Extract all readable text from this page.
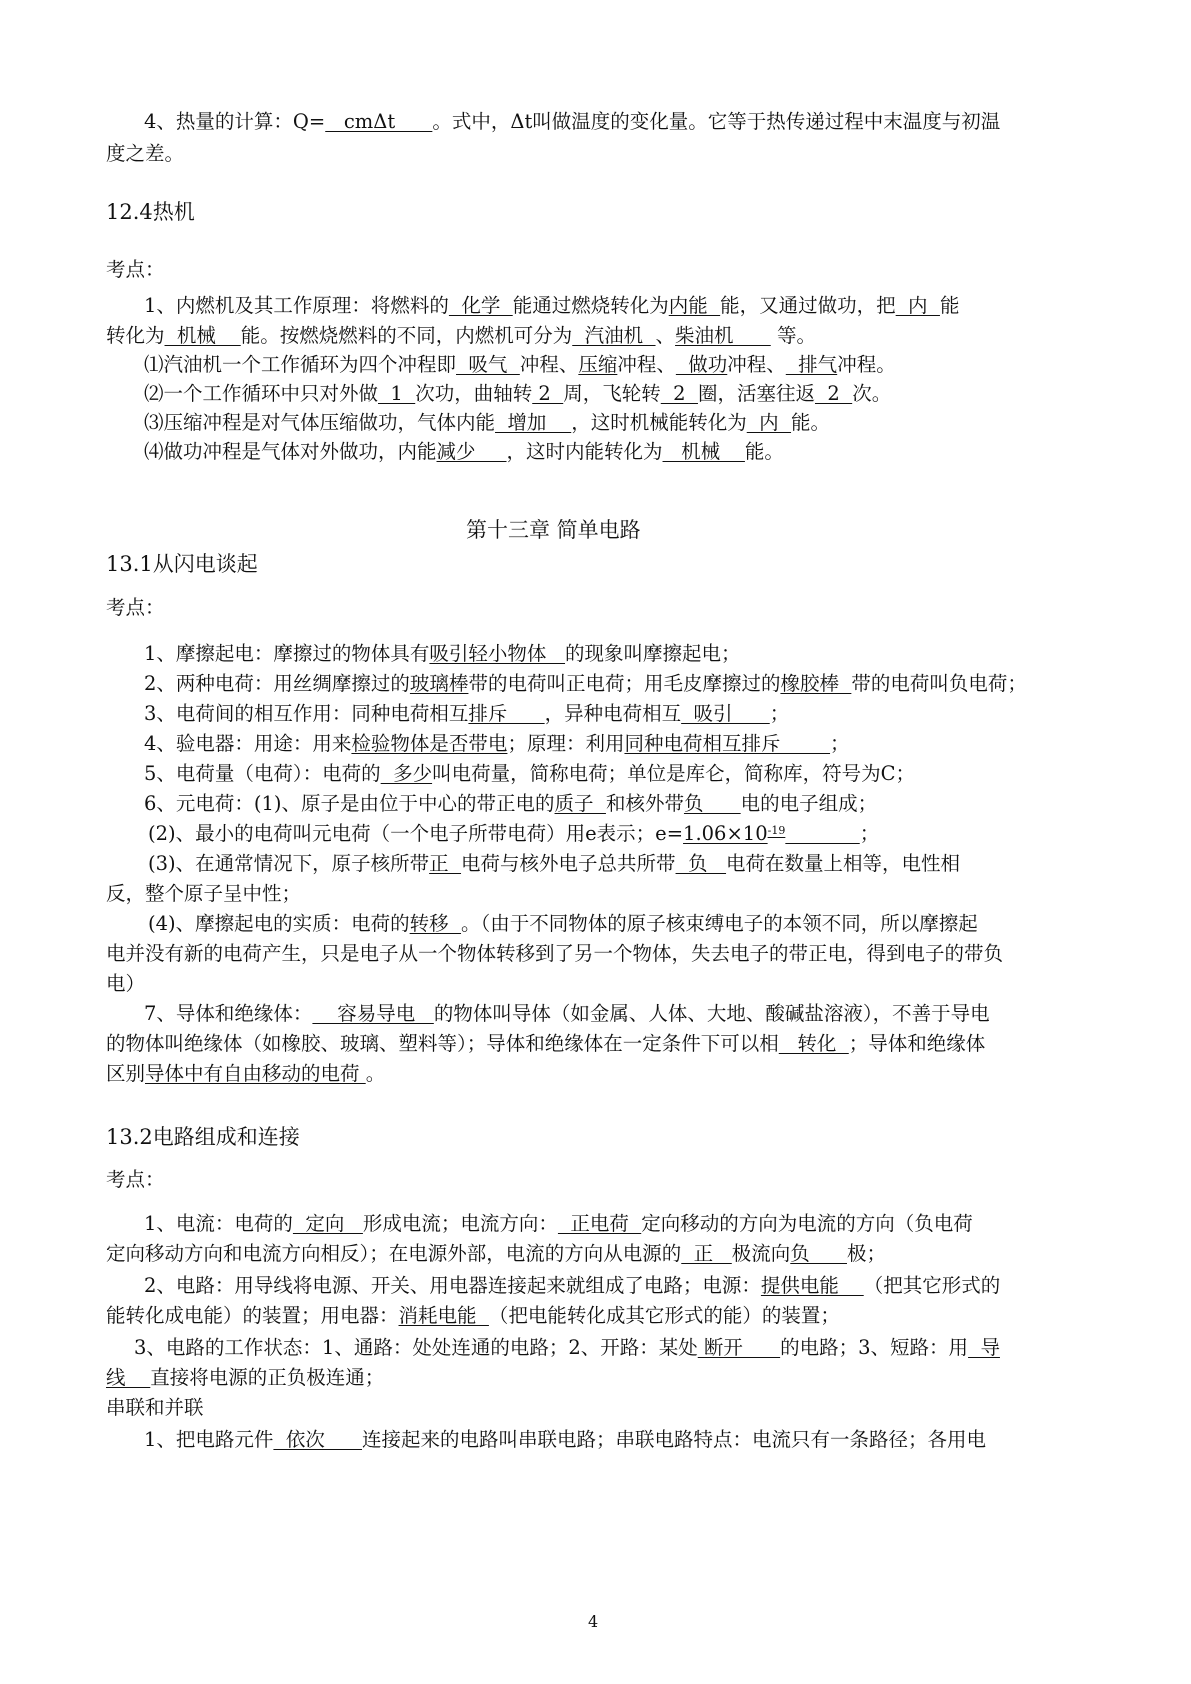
4、热量的计算：Q=   cmΔt      。式中，Δt叫做温度的变化量。它等于热传递过程中末温度与初温
度之差。
12.4热机
考点：
1、内燃机及其工作原理：将燃料的  化学  能通过燃烧转化为内能  能，又通过做功，把  内  能
转化为  机械    能。按燃烧燃料的不同，内燃机可分为  汽油机  、柴油机       等。
⑴汽油机一个工作循环为四个冲程即  吸气  冲程、压缩冲程、  做功冲程、  排气冲程。
⑵一个工作循环中只对外做  1  次功，曲轴转 2  周，飞轮转  2  圈，活塞往返  2  次。
⑶压缩冲程是对气体压缩做功，气体内能  增加    ，这时机械能转化为  内  能。
⑷做功冲程是气体对外做功，内能减少     ，这时内能转化为   机械    能。
第十三章 简单电路
13.1从闪电谈起
考点：
1、摩擦起电：摩擦过的物体具有吸引轻小物体   的现象叫摩擦起电；
2、两种电荷：用丝绸摩擦过的玻璃棒带的电荷叫正电荷；用毛皮摩擦过的橡胶棒  带的电荷叫负电荷；
3、电荷间的相互作用：同种电荷相互排斥      ，异种电荷相互  吸引      ；
4、验电器：用途：用来检验物体是否带电；原理：利用同种电荷相互排斥        ；
5、电荷量（电荷）：电荷的  多少叫电荷量，简称电荷；单位是库仑，简称库，符号为C；
6、元电荷：(1)、原子是由位于中心的带正电的质子  和核外带负      电的电子组成；
(2)、最小的电荷叫元电荷（一个电子所带电荷）用e表示；$e=1.06\times 10^{-19}$	；
(3)、在通常情况下，原子核所带正  电荷与核外电子总共所带  负   电荷在数量上相等，电性相
反，整个原子呈中性；
(4)、摩擦起电的实质：电荷的转移  。（由于不同物体的原子核束缚电子的本领不同，所以摩擦起
电并没有新的电荷产生，只是电子从一个物体转移到了另一个物体，失去电子的带正电，得到电子的带负
电）
7、导体和绝缘体：    容易导电   的物体叫导体（如金属、人体、大地、酸碱盐溶液），不善于导电
的物体叫绝缘体（如橡胶、玻璃、塑料等）；导体和绝缘体在一定条件下可以相   转化  ；导体和绝缘体
区别导体中有自由移动的电荷 。
13.2电路组成和连接
考点：
1、电流：电荷的  定向   形成电流；电流方向：  正电荷  定向移动的方向为电流的方向（负电荷
定向移动方向和电流方向相反）；在电源外部，电流的方向从电源的  正   极流向负      极；
2、电路：用导线将电源、开关、用电器连接起来就组成了电路；电源：提供电能    （把其它形式的
能转化成电能）的装置；用电器：消耗电能  （把电能转化成其它形式的能）的装置；
3、电路的工作状态：1、通路：处处连通的电路；2、开路：某处 断开      的电路；3、短路：用  导
线    直接将电源的正负极连通；
串联和并联
1、把电路元件  依次      连接起来的电路叫串联电路；串联电路特点：电流只有一条路径；各用电
4
